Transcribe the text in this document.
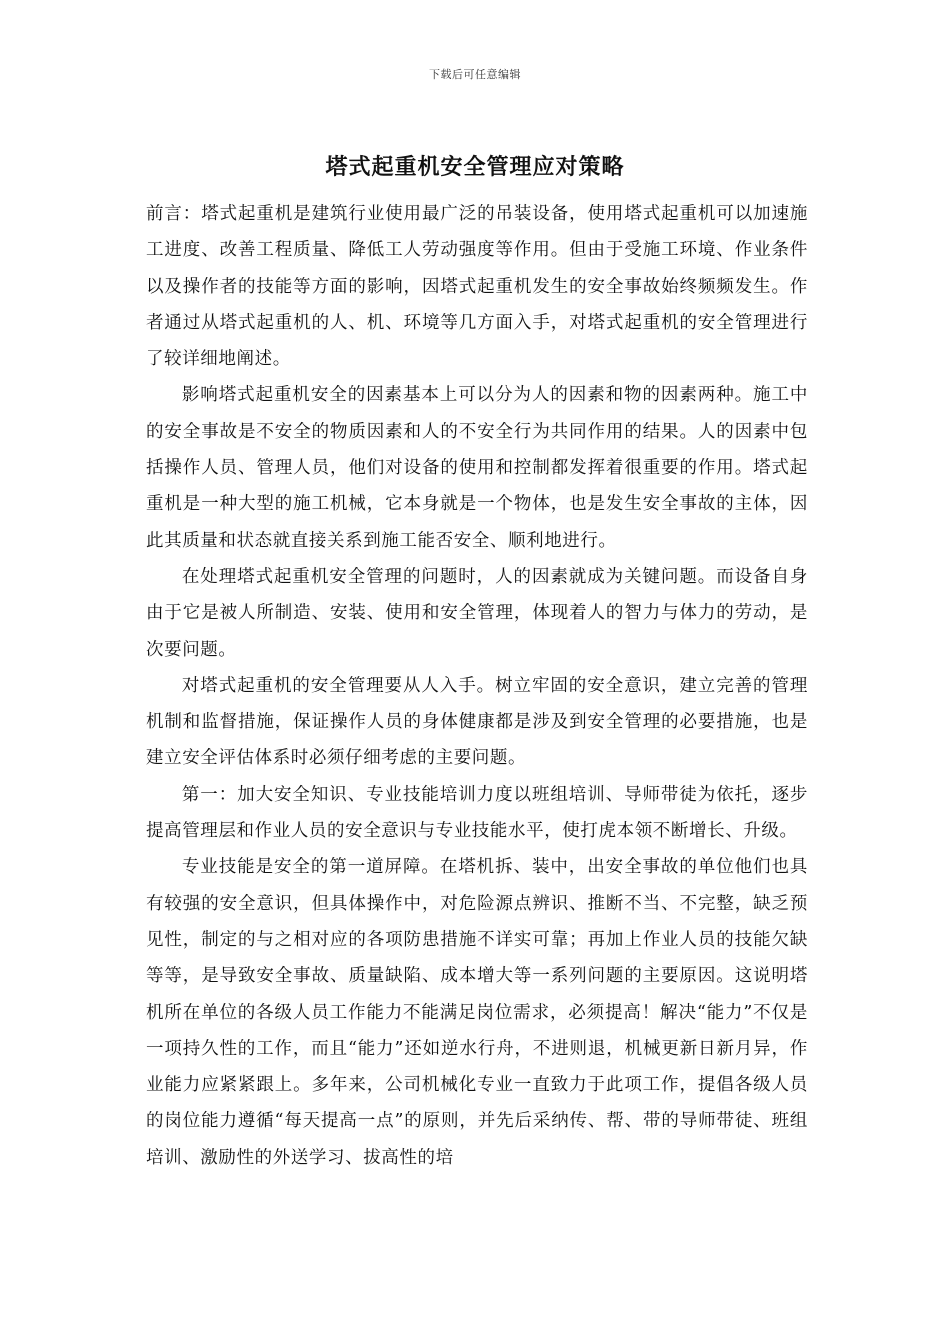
下载后可任意编辑
塔式起重机安全管理应对策略

前言：塔式起重机是建筑行业使用最广泛的吊装设备，使用塔式起重机可以加速施工进度、改善工程质量、降低工人劳动强度等作用。但由于受施工环境、作业条件以及操作者的技能等方面的影响，因塔式起重机发生的安全事故始终频频发生。作者通过从塔式起重机的人、机、环境等几方面入手，对塔式起重机的安全管理进行了较详细地阐述。

影响塔式起重机安全的因素基本上可以分为人的因素和物的因素两种。施工中的安全事故是不安全的物质因素和人的不安全行为共同作用的结果。人的因素中包括操作人员、管理人员，他们对设备的使用和控制都发挥着很重要的作用。塔式起重机是一种大型的施工机械，它本身就是一个物体，也是发生安全事故的主体，因此其质量和状态就直接关系到施工能否安全、顺利地进行。

在处理塔式起重机安全管理的问题时，人的因素就成为关键问题。而设备自身由于它是被人所制造、安装、使用和安全管理，体现着人的智力与体力的劳动，是次要问题。

对塔式起重机的安全管理要从人入手。树立牢固的安全意识，建立完善的管理机制和监督措施，保证操作人员的身体健康都是涉及到安全管理的必要措施，也是建立安全评估体系时必须仔细考虑的主要问题。

第一：加大安全知识、专业技能培训力度以班组培训、导师带徒为依托，逐步提高管理层和作业人员的安全意识与专业技能水平，使打虎本领不断增长、升级。

专业技能是安全的第一道屏障。在塔机拆、装中，出安全事故的单位他们也具有较强的安全意识，但具体操作中，对危险源点辨识、推断不当、不完整，缺乏预见性，制定的与之相对应的各项防患措施不详实可靠；再加上作业人员的技能欠缺等等，是导致安全事故、质量缺陷、成本增大等一系列问题的主要原因。这说明塔机所在单位的各级人员工作能力不能满足岗位需求，必须提高！解决“能力”不仅是一项持久性的工作，而且“能力”还如逆水行舟，不进则退，机械更新日新月异，作业能力应紧紧跟上。多年来，公司机械化专业一直致力于此项工作，提倡各级人员的岗位能力遵循“每天提高一点”的原则，并先后采纳传、帮、带的导师带徒、班组培训、激励性的外送学习、拔高性的培
